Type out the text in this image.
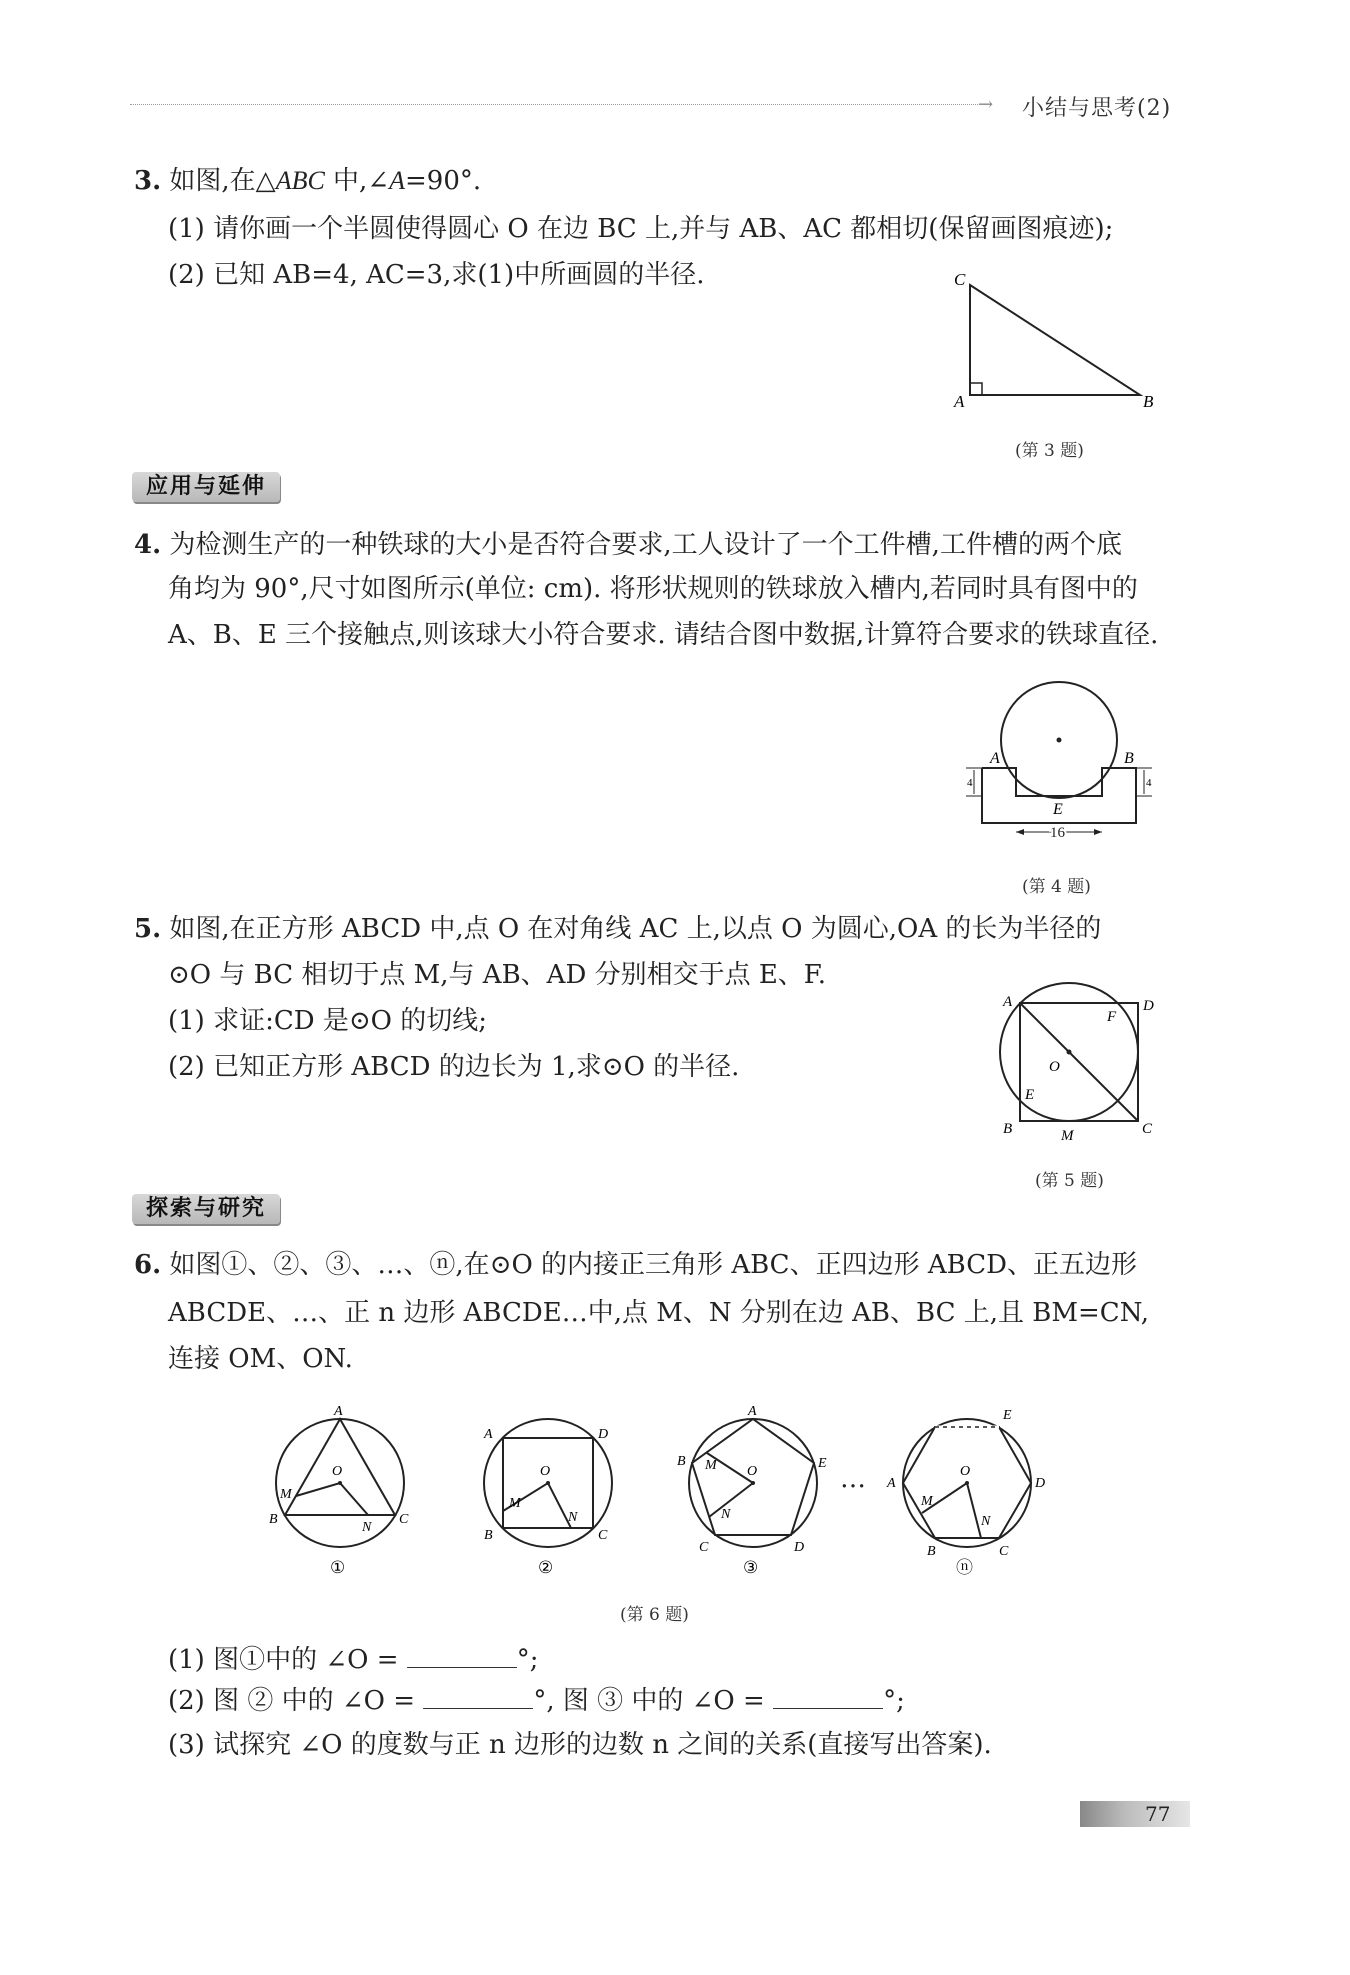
→ 小结与思考(2)
3. 如图,在△ABC 中,∠A=90°.
(1) 请你画一个半圆使得圆心 O 在边 BC 上,并与 AB、AC 都相切(保留画图痕迹);
(2) 已知 AB=4, AC=3,求(1)中所画圆的半径.	C
A	B
(第 3 题)
应用与延伸
4. 为检测生产的一种铁球的大小是否符合要求,工人设计了一个工件槽,工件槽的两个底
角均为 90°,尺寸如图所示(单位: cm). 将形状规则的铁球放入槽内,若同时具有图中的
A、B、E 三个接触点,则该球大小符合要求. 请结合图中数据,计算符合要求的铁球直径.
4	4
16
A	B
E
(第 4 题)
5. 如图,在正方形 ABCD 中,点 O 在对角线 AC 上,以点 O 为圆心,OA 的长为半径的
⊙O 与 BC 相切于点 M,与 AB、AD 分别相交于点 E、F.
(1) 求证:CD 是⊙O 的切线;
(2) 已知正方形 ABCD 的边长为 1,求⊙O 的半径.
A	D
F
O
E
B	M	C
(第 5 题)
探索与研究
6. 如图①、②、③、…、ⓝ,在⊙O 的内接正三角形 ABC、正四边形 ABCD、正五边形
ABCDE、…、正 n 边形 ABCDE…中,点 M、N 分别在边 AB、BC 上,且 BM=CN,
连接 OM、ON.
A
B	C
M
N
O
①
A	D
B	C
M
N
O
②
A
E
D
C
B M
N
O
③
…
E
D
C
B
A
M
N
O
ⓝ
(第 6 题)
(1) 图①中的 ∠O =	°;
(2) 图 ② 中的 ∠O =	°, 图 ③ 中的 ∠O =	°;
(3) 试探究 ∠O 的度数与正 n 边形的边数 n 之间的关系(直接写出答案).
77
